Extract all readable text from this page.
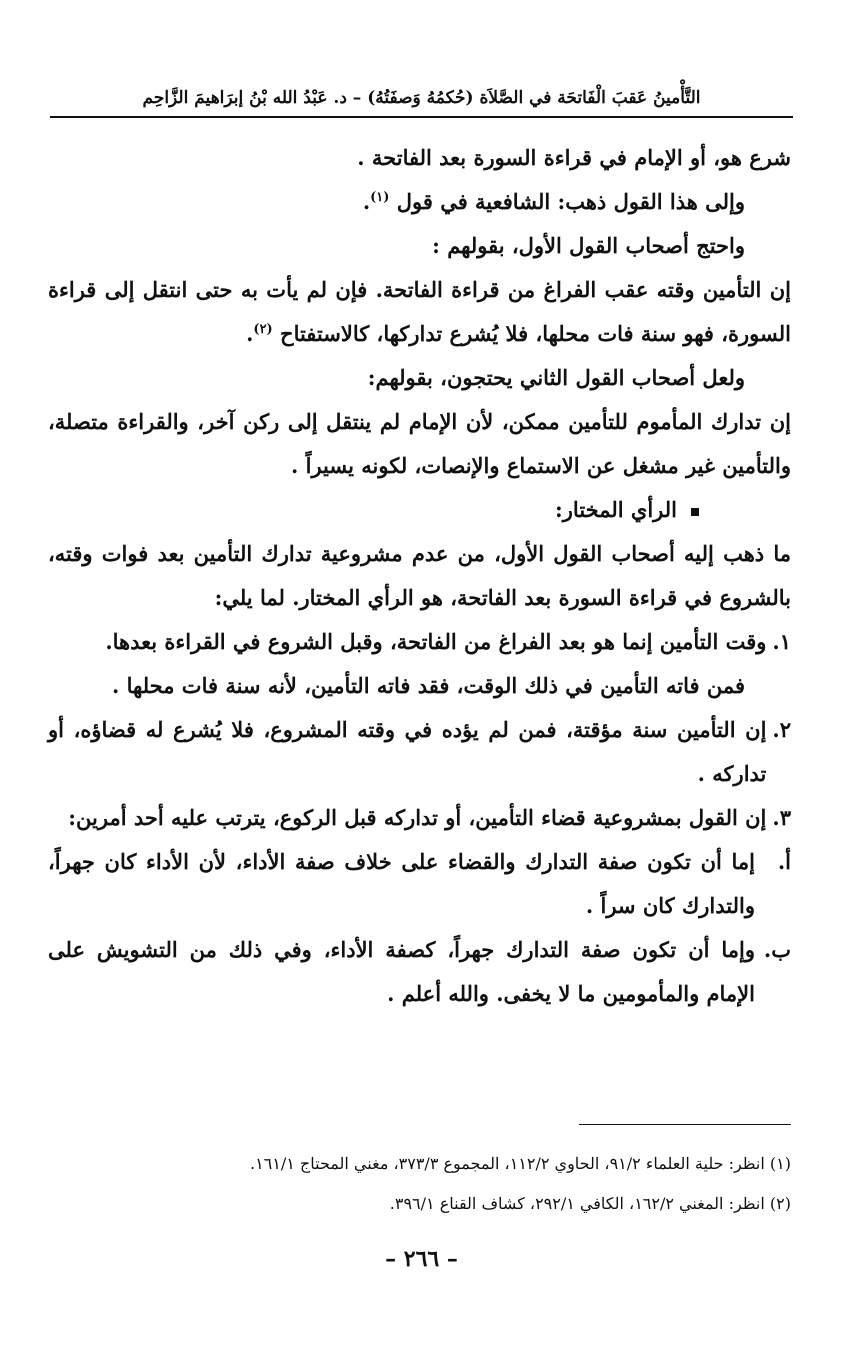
التَّأْمينُ عَقبَ الْفَاتحَة في الصَّلاَة (حُكمُهُ وَصفَتُهُ) – د. عَبْدُ الله بْنُ إبرَاهيمَ الزَّاحِم

شرع هو، أو الإمام في قراءة السورة بعد الفاتحة .

وإلى هذا القول ذهب: الشافعية في قول $^{(١)}$.

واحتج أصحاب القول الأول، بقولهم :

إن التأمين وقته عقب الفراغ من قراءة الفاتحة. فإن لم يأت به حتى انتقل إلى قراءة السورة، فهو سنة فات محلها، فلا يُشرع تداركها، كالاستفتاح $^{(٢)}$.

ولعل أصحاب القول الثاني يحتجون، بقولهم:

إن تدارك المأموم للتأمين ممكن، لأن الإمام لم ينتقل إلى ركن آخر، والقراءة متصلة، والتأمين غير مشغل عن الاستماع والإنصات، لكونه يسيراً .

الرأي المختار:

ما ذهب إليه أصحاب القول الأول، من عدم مشروعية تدارك التأمين بعد فوات وقته، بالشروع في قراءة السورة بعد الفاتحة، هو الرأي المختار. لما يلي:

١.
وقت التأمين إنما هو بعد الفراغ من الفاتحة، وقبل الشروع في القراءة بعدها.

فمن فاته التأمين في ذلك الوقت، فقد فاته التأمين، لأنه سنة فات محلها .

٢.
إن التأمين سنة مؤقتة، فمن لم يؤده في وقته المشروع، فلا يُشرع له قضاؤه، أو تداركه .
٣.
إن القول بمشروعية قضاء التأمين، أو تداركه قبل الركوع، يترتب عليه أحد أمرين:
أ.
إما أن تكون صفة التدارك والقضاء على خلاف صفة الأداء، لأن الأداء كان جهراً، والتدارك كان سراً .
ب.
وإما أن تكون صفة التدارك جهراً، كصفة الأداء، وفي ذلك من التشويش على الإمام والمأمومين ما لا يخفى. والله أعلم .

(١) انظر: حلية العلماء ٩١/٢، الحاوي ١١٢/٢، المجموع ٣٧٣/٣، مغني المحتاج ١٦١/١.

(٢) انظر: المغني ١٦٢/٢، الكافي ٢٩٢/١، كشاف القناع ٣٩٦/١.

– ٢٦٦ –
